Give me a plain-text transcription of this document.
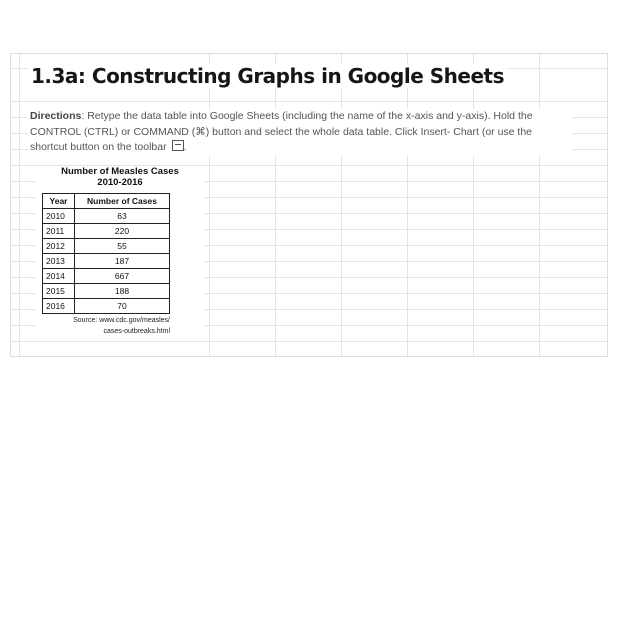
1.3a: Constructing Graphs in Google Sheets
Directions: Retype the data table into Google Sheets (including the name of the x-axis and y-axis). Hold the CONTROL (CTRL) or COMMAND (⌘) button and select the whole data table. Click Insert- Chart (or use the shortcut button on the toolbar .
Number of Measles Cases
2010-2016
Year	Number of Cases
2010	63
2011	220
2012	55
2013	187
2014	667
2015	188
2016	70
Source: www.cdc.gov/measles/
cases-outbreaks.html
